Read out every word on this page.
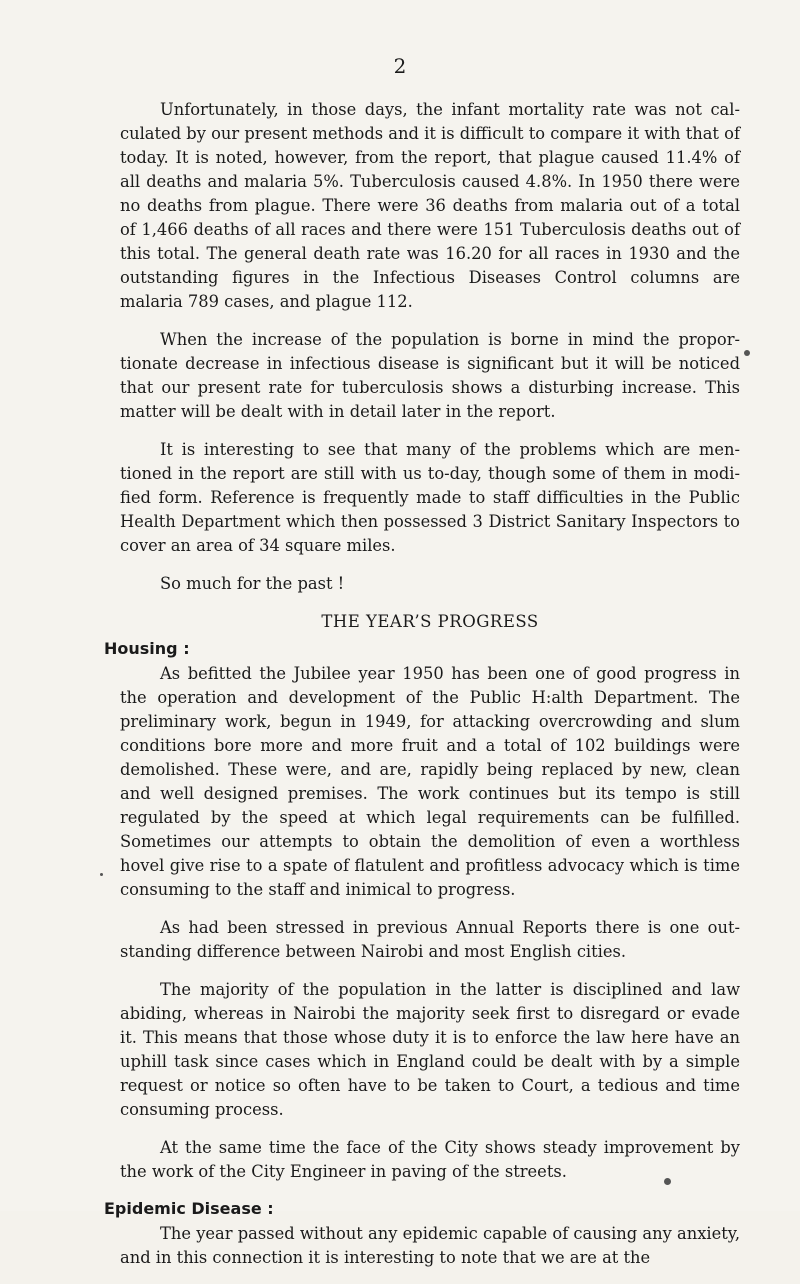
2

Unfortunately, in those days, the infant mortality rate was not calculated by our present methods and it is difficult to compare it with that of today. It is noted, however, from the report, that plague caused 11.4% of all deaths and malaria 5%. Tuberculosis caused 4.8%. In 1950 there were no deaths from plague. There were 36 deaths from malaria out of a total of 1,466 deaths of all races and there were 151 Tuberculosis deaths out of this total. The general death rate was 16.20 for all races in 1930 and the outstanding figures in the Infectious Diseases Control columns are malaria 789 cases, and plague 112.

When the increase of the population is borne in mind the proportionate decrease in infectious disease is significant but it will be noticed that our present rate for tuberculosis shows a disturbing increase. This matter will be dealt with in detail later in the report.

It is interesting to see that many of the problems which are mentioned in the report are still with us to-day, though some of them in modified form. Reference is frequently made to staff difficulties in the Public Health Department which then possessed 3 District Sanitary Inspectors to cover an area of 34 square miles.

So much for the past !

THE YEAR’S PROGRESS
Housing :

As befitted the Jubilee year 1950 has been one of good progress in the operation and development of the Public H:alth Department. The preliminary work, begun in 1949, for attacking overcrowding and slum conditions bore more and more fruit and a total of 102 buildings were demolished. These were, and are, rapidly being replaced by new, clean and well designed premises. The work continues but its tempo is still regulated by the speed at which legal requirements can be fulfilled. Sometimes our attempts to obtain the demolition of even a worthless hovel give rise to a spate of flatulent and profitless advocacy which is time consuming to the staff and inimical to progress.

As had been stressed in previous Annual Reports there is one outstanding difference between Nairobi and most English cities.

The majority of the population in the latter is disciplined and law abiding, whereas in Nairobi the majority seek first to disregard or evade it. This means that those whose duty it is to enforce the law here have an uphill task since cases which in England could be dealt with by a simple request or notice so often have to be taken to Court, a tedious and time consuming process.

At the same time the face of the City shows steady improvement by the work of the City Engineer in paving of the streets.

Epidemic Disease :

The year passed without any epidemic capable of causing any anxiety, and in this connection it is interesting to note that we are at the
